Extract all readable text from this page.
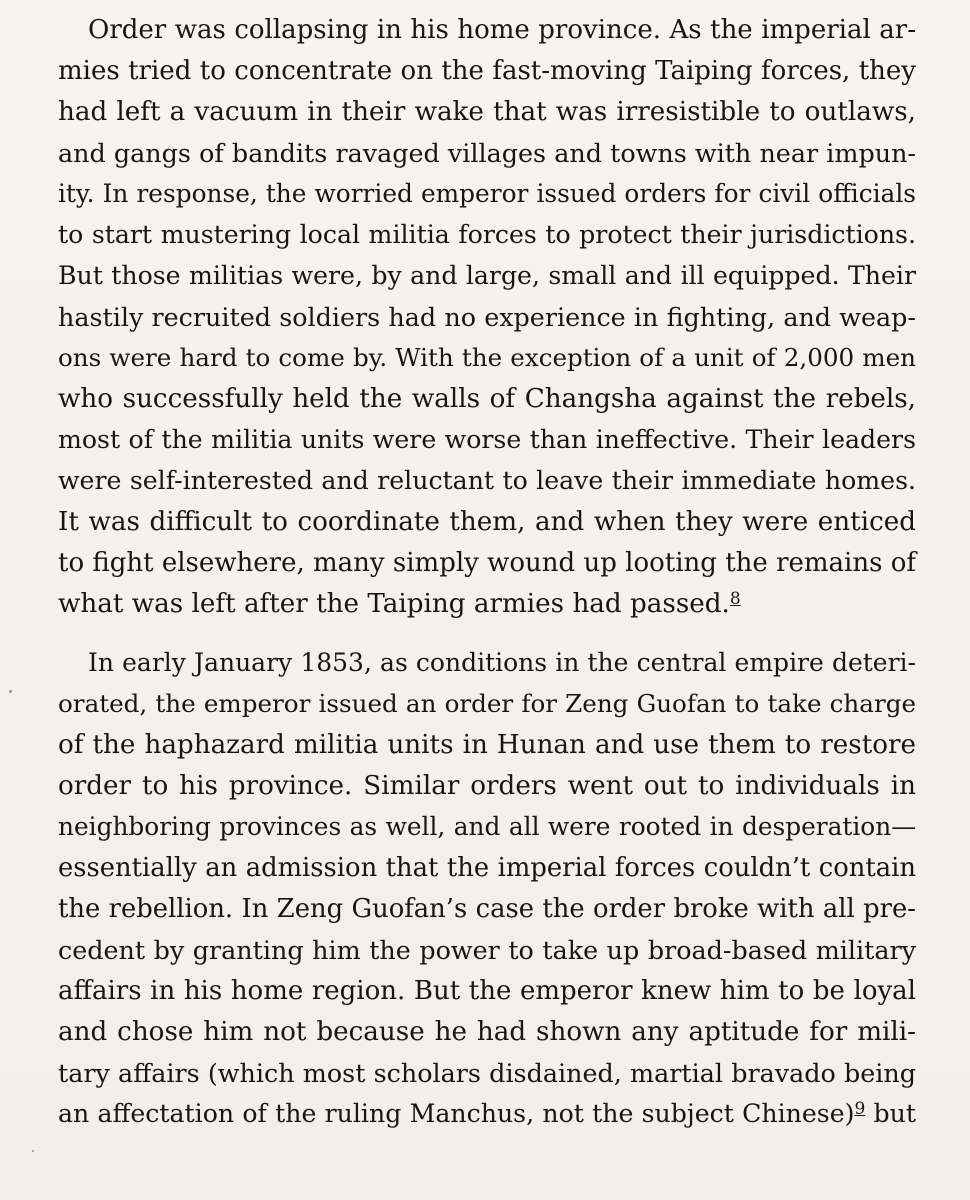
Order was collapsing in his home province. As the imperial ar-
mies tried to concentrate on the fast-moving Taiping forces, they
had left a vacuum in their wake that was irresistible to outlaws,
and gangs of bandits ravaged villages and towns with near impun-
ity. In response, the worried emperor issued orders for civil officials
to start mustering local militia forces to protect their jurisdictions.
But those militias were, by and large, small and ill equipped. Their
hastily recruited soldiers had no experience in fighting, and weap-
ons were hard to come by. With the exception of a unit of 2,000 men
who successfully held the walls of Changsha against the rebels,
most of the militia units were worse than ineffective. Their leaders
were self-interested and reluctant to leave their immediate homes.
It was difficult to coordinate them, and when they were enticed
to fight elsewhere, many simply wound up looting the remains of
what was left after the Taiping armies had passed.$^8$
In early January 1853, as conditions in the central empire deteri-
orated, the emperor issued an order for Zeng Guofan to take charge
of the haphazard militia units in Hunan and use them to restore
order to his province. Similar orders went out to individuals in
neighboring provinces as well, and all were rooted in desperation—
essentially an admission that the imperial forces couldn’t contain
the rebellion. In Zeng Guofan’s case the order broke with all pre-
cedent by granting him the power to take up broad-based military
affairs in his home region. But the emperor knew him to be loyal
and chose him not because he had shown any aptitude for mili-
tary affairs (which most scholars disdained, martial bravado being
an affectation of the ruling Manchus, not the subject Chinese)$^9$ but
